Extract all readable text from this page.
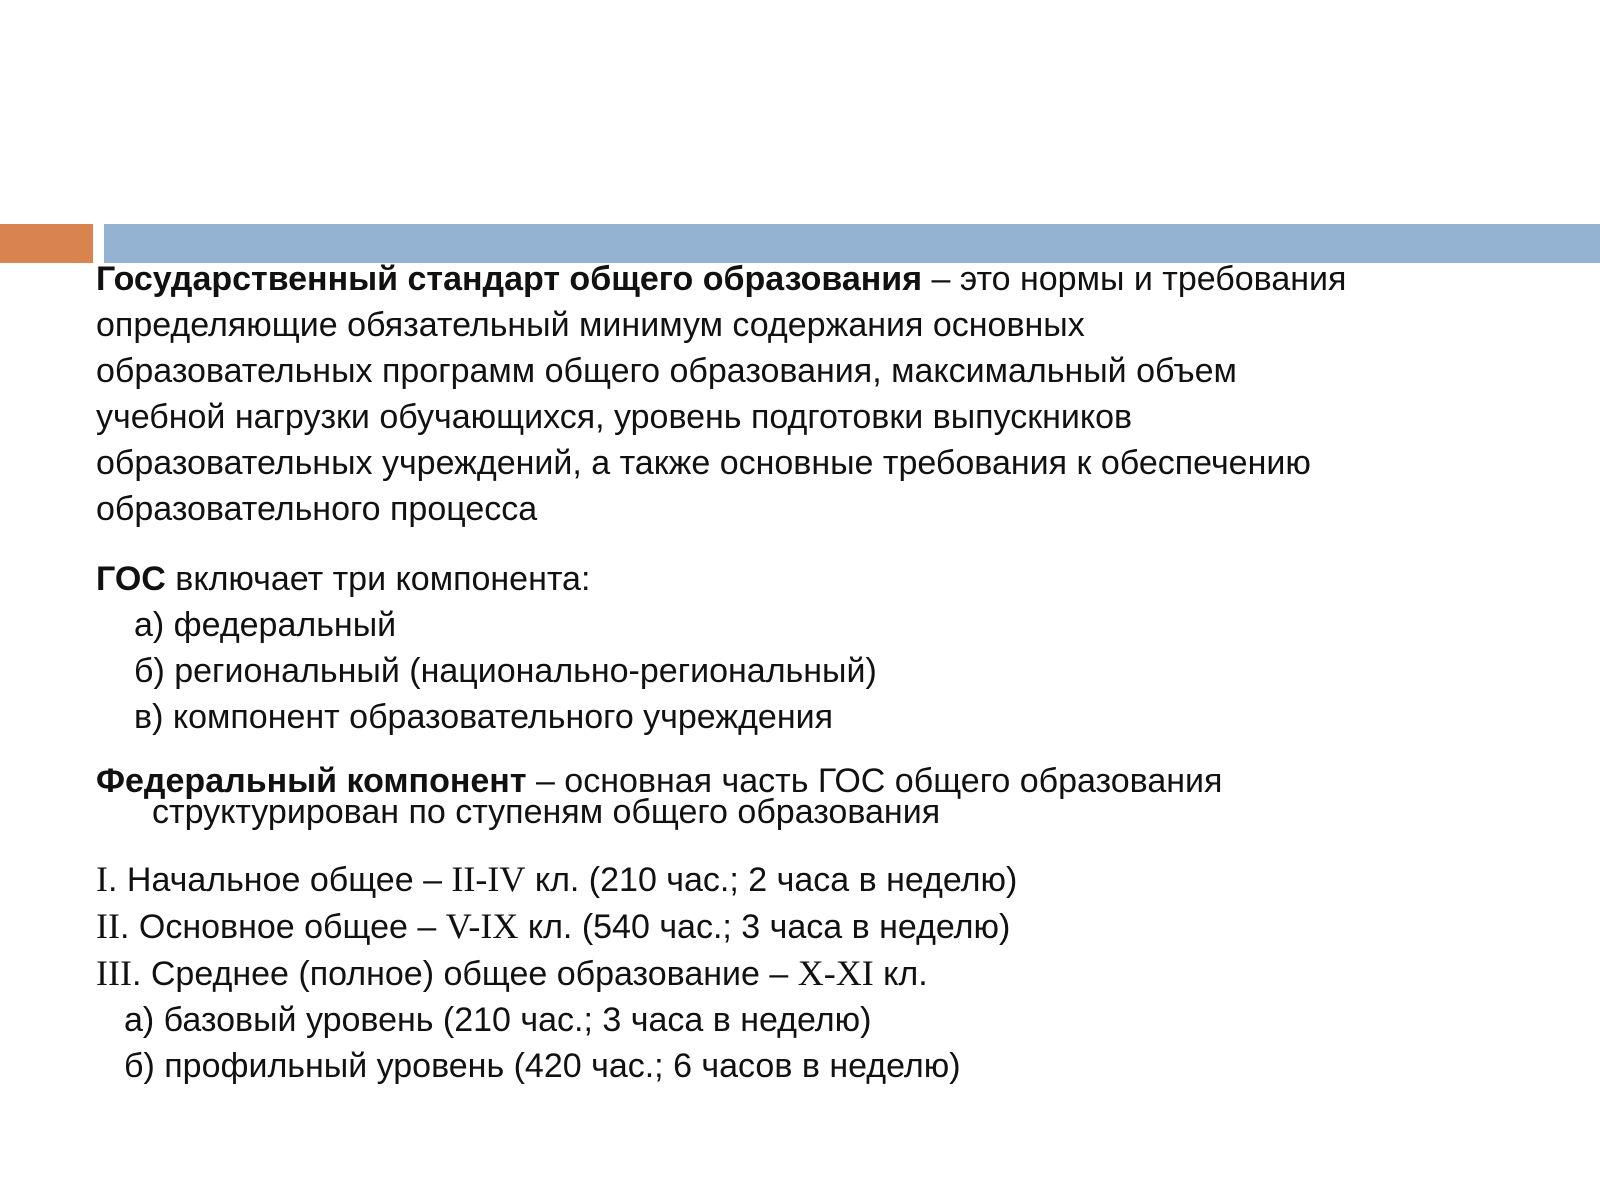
Государственный стандарт общего образования – это нормы и требования
определяющие обязательный минимум содержания основных
образовательных программ общего образования, максимальный объем
учебной нагрузки обучающихся, уровень подготовки выпускников
образовательных учреждений, а также основные требования к обеспечению
образовательного процесса
ГОС включает три компонента:
а) федеральный
б) региональный (национально-региональный)
в) компонент образовательного учреждения
Федеральный компонент – основная часть ГОС общего образования
структурирован по ступеням общего образования
I. Начальное общее – II-IV кл. (210 час.; 2 часа в неделю)
II. Основное общее – V-IX кл. (540 час.; 3 часа в неделю)
III. Среднее (полное) общее образование – X-XI кл.
а) базовый уровень (210 час.; 3 часа в неделю)
б) профильный уровень (420 час.; 6 часов в неделю)
